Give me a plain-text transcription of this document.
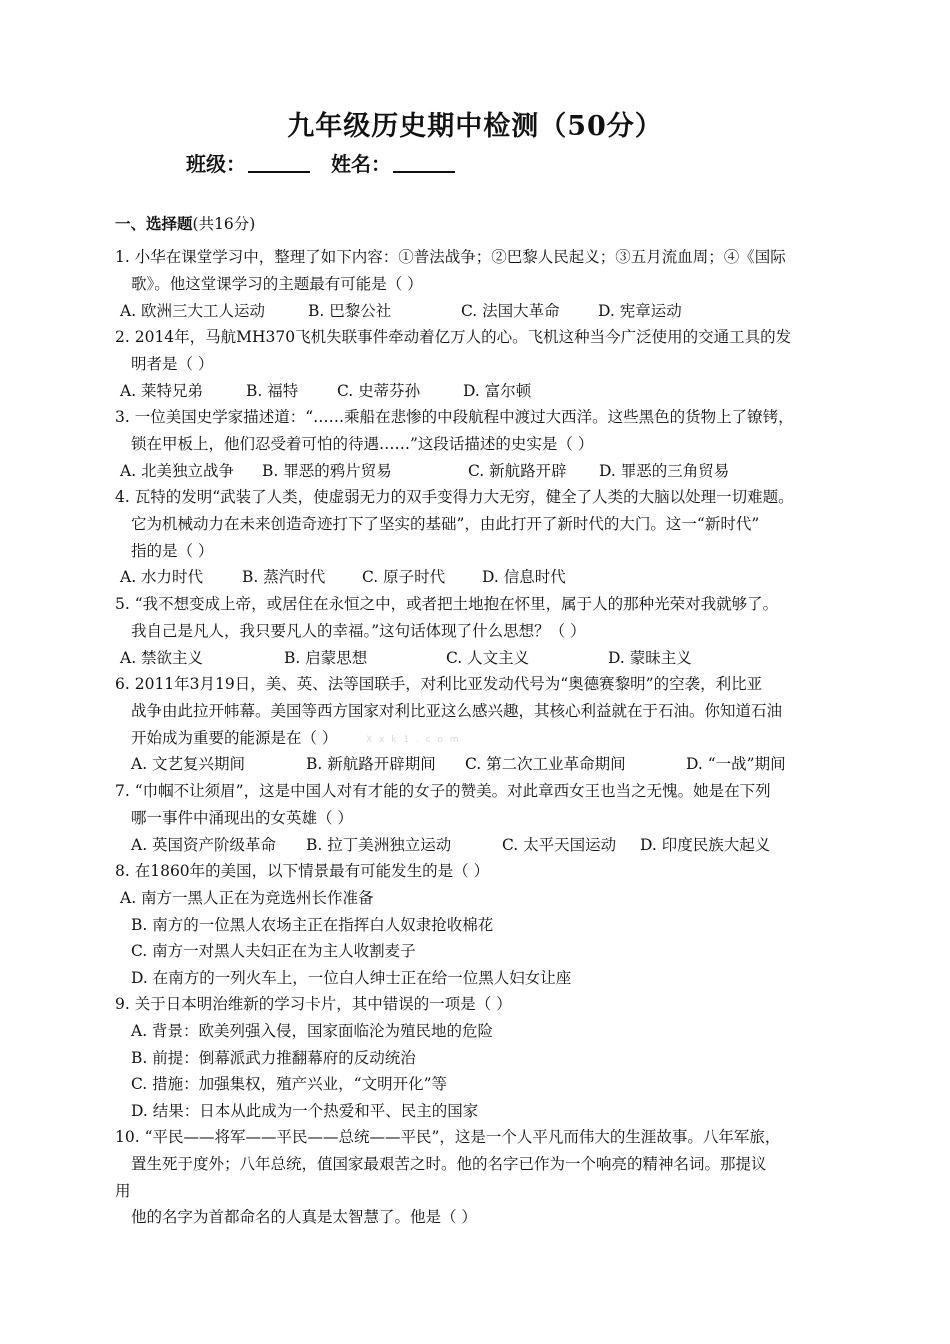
九年级历史期中检测（50分）
班级：	姓名：
一、选择题(共16分)
1. 小华在课堂学习中，整理了如下内容：①普法战争；②巴黎人民起义；③五月流血周；④《国际
歌》。他这堂课学习的主题最有可能是（ ）
A. 欧洲三大工人运动	B. 巴黎公社	C. 法国大革命	D. 宪章运动
2. 2014年，马航MH370飞机失联事件牵动着亿万人的心。飞机这种当今广泛使用的交通工具的发
明者是（ ）
A. 莱特兄弟	B. 福特	C. 史蒂芬孙	D. 富尔顿
3. 一位美国史学家描述道：“……乘船在悲惨的中段航程中渡过大西洋。这些黑色的货物上了镣铐，
锁在甲板上，他们忍受着可怕的待遇……”这段话描述的史实是（ ）
A. 北美独立战争	B. 罪恶的鸦片贸易	C. 新航路开辟	D. 罪恶的三角贸易
4. 瓦特的发明“武装了人类，使虚弱无力的双手变得力大无穷，健全了人类的大脑以处理一切难题。
它为机械动力在未来创造奇迹打下了坚实的基础”，由此打开了新时代的大门。这一“新时代”
指的是（ ）
A. 水力时代	B. 蒸汽时代	C. 原子时代	D. 信息时代
5. “我不想变成上帝，或居住在永恒之中，或者把土地抱在怀里，属于人的那种光荣对我就够了。
我自己是凡人，我只要凡人的幸福。”这句话体现了什么思想？（ ）
A. 禁欲主义	B. 启蒙思想	C. 人文主义	D. 蒙昧主义
6. 2011年3月19日，美、英、法等国联手，对利比亚发动代号为“奥德赛黎明”的空袭，利比亚
战争由此拉开帏幕。美国等西方国家对利比亚这么感兴趣，其核心利益就在于石油。你知道石油
开始成为重要的能源是在（ ）
A. 文艺复兴期间	B. 新航路开辟期间	C. 第二次工业革命期间	D. “一战”期间
X x k 1 . c o m
7. “巾帼不让须眉”，这是中国人对有才能的女子的赞美。对此章西女王也当之无愧。她是在下列
哪一事件中涌现出的女英雄（ ）
A. 英国资产阶级革命	B. 拉丁美洲独立运动	C. 太平天国运动	D. 印度民族大起义
8. 在1860年的美国，以下情景最有可能发生的是（ ）
A. 南方一黑人正在为竞选州长作准备
B. 南方的一位黑人农场主正在指挥白人奴隶抢收棉花
C. 南方一对黑人夫妇正在为主人收割麦子
D. 在南方的一列火车上，一位白人绅士正在给一位黑人妇女让座
9. 关于日本明治维新的学习卡片，其中错误的一项是（ ）
A. 背景：欧美列强入侵，国家面临沦为殖民地的危险
B. 前提：倒幕派武力推翻幕府的反动统治
C. 措施：加强集权，殖产兴业，“文明开化”等
D. 结果：日本从此成为一个热爱和平、民主的国家
10. “平民——将军——平民——总统——平民”，这是一个人平凡而伟大的生涯故事。八年军旅，
置生死于度外；八年总统，值国家最艰苦之时。他的名字已作为一个响亮的精神名词。那提议
用
他的名字为首都命名的人真是太智慧了。他是（ ）
